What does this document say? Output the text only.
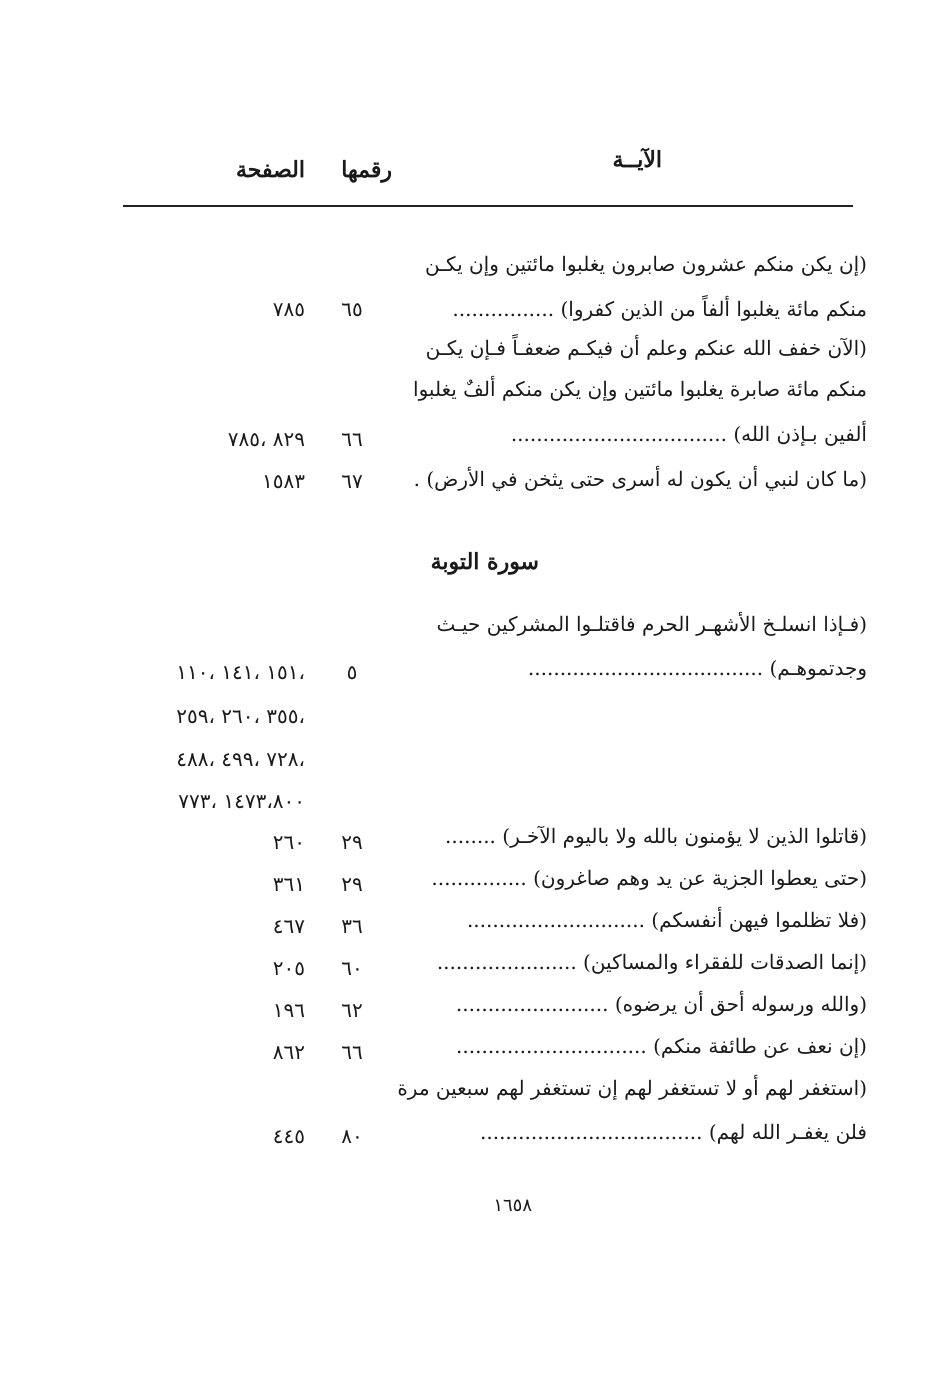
الآيــة
رقمها
الصفحة
(إن يكن منكم عشرون صابرون يغلبوا مائتين وإن يكـن
منكم مائة يغلبوا ألفاً من الذين كفروا) ................
٦٥
٧٨٥
(الآن خفف الله عنكم وعلم أن فيكـم ضعفـاً فـإن يكـن
منكم مائة صابرة يغلبوا مائتين وإن يكن منكم ألفٌ يغلبوا
ألفين بـإذن الله) ..................................
٦٦
٨٢٩ ،٧٨٥
(ما كان لنبي أن يكون له أسرى حتى يثخن في الأرض) .
٦٧
١٥٨٣
سورة التوبة
(فـإذا انسلـخ الأشهـر الحرم فاقتلـوا المشركين حيـث
وجدتموهـم) .....................................
٥
،١٥١ ،١٤١ ،١١٠
،٣٥٥ ،٢٦٠ ،٢٥٩
،٧٢٨ ،٤٩٩ ،٤٨٨
١٤٧٣،٨٠٠ ،٧٧٣
(قاتلوا الذين لا يؤمنون بالله ولا باليوم الآخـر) ........
٢٩
٢٦٠
(حتى يعطوا الجزية عن يد وهم صاغرون) ...............
٢٩
٣٦١
(فلا تظلموا فيهن أنفسكم) ............................
٣٦
٤٦٧
(إنما الصدقات للفقراء والمساكين) ......................
٦٠
٢٠٥
(والله ورسوله أحق أن يرضوه) ........................
٦٢
١٩٦
(إن نعف عن طائفة منكم) ..............................
٦٦
٨٦٢
(استغفر لهم أو لا تستغفر لهم إن تستغفر لهم سبعين مرة
فلن يغفـر الله لهم) ...................................
٨٠
٤٤٥
١٦٥٨
